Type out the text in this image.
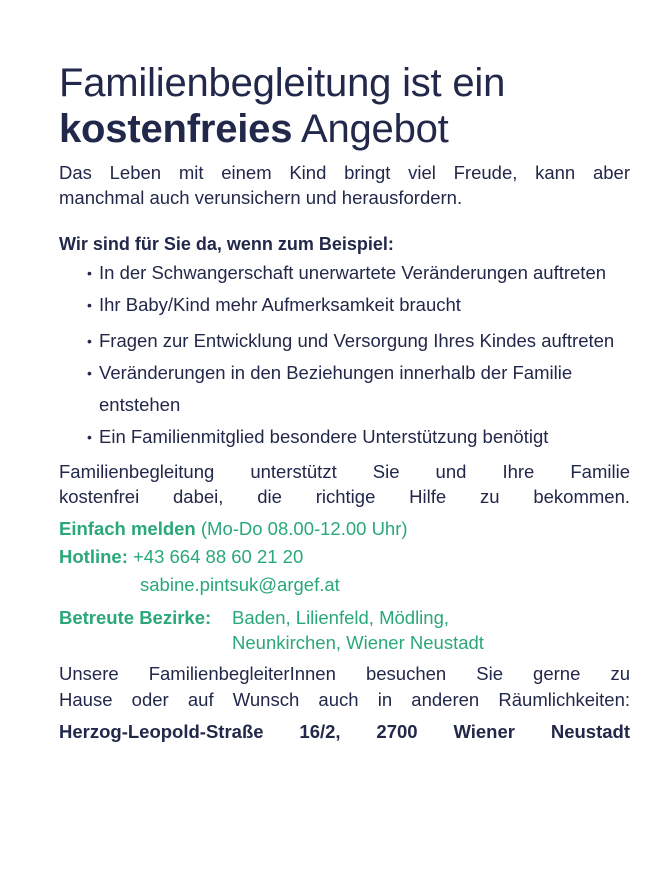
Familienbegleitung ist ein
kostenfreies Angebot

Das Leben mit einem Kind bringt viel Freude, kann aber
manchmal auch verunsichern und herausfordern.

Wir sind für Sie da, wenn zum Beispiel:

• In der Schwangerschaft unerwartete Veränderungen auftreten
• Ihr Baby/Kind mehr Aufmerksamkeit braucht
• Fragen zur Entwicklung und Versorgung Ihres Kindes auftreten
• Veränderungen in den Beziehungen innerhalb der Familie entstehen
• Ein Familienmitglied besondere Unterstützung benötigt

Familienbegleitung unterstützt Sie und Ihre Familie
kostenfrei dabei, die richtige Hilfe zu bekommen.

Einfach melden (Mo-Do 08.00-12.00 Uhr)
Hotline: +43 664 88 60 21 20
sabine.pintsuk@argef.at
Betreute Bezirke:	Baden, Lilienfeld, Mödling,
Neunkirchen, Wiener Neustadt

Unsere FamilienbegleiterInnen besuchen Sie gerne zu
Hause oder auf Wunsch auch in anderen Räumlichkeiten:

Herzog-Leopold-Straße 16/2, 2700 Wiener Neustadt
